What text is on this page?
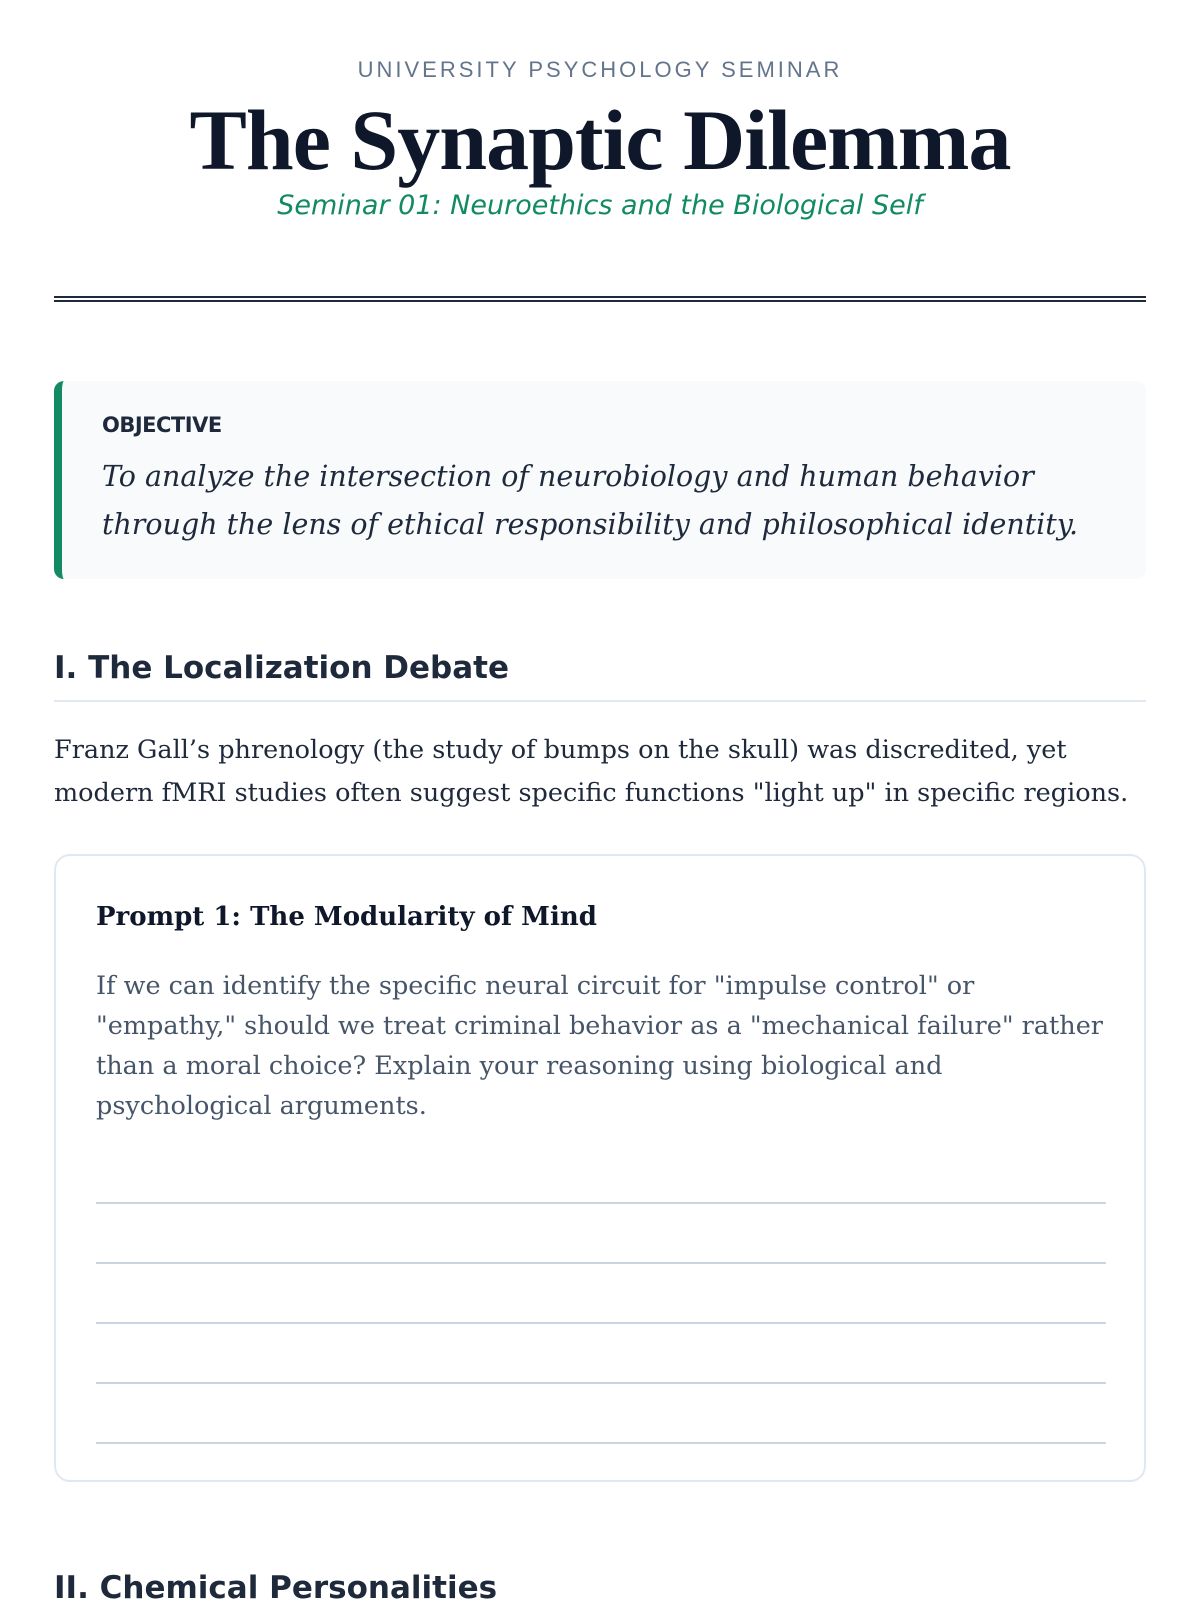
UNIVERSITY PSYCHOLOGY SEMINAR
The Synaptic Dilemma
Seminar 01: Neuroethics and the Biological Self
OBJECTIVE
To analyze the intersection of neurobiology and human behavior through the lens of ethical responsibility and philosophical identity.
I. The Localization Debate
Franz Gall’s phrenology (the study of bumps on the skull) was discredited, yet modern fMRI studies often suggest specific functions "light up" in specific regions.
Prompt 1: The Modularity of Mind
If we can identify the specific neural circuit for "impulse control" or "empathy," should we treat criminal behavior as a "mechanical failure" rather than a moral choice? Explain your reasoning using biological and psychological arguments.
II. Chemical Personalities
